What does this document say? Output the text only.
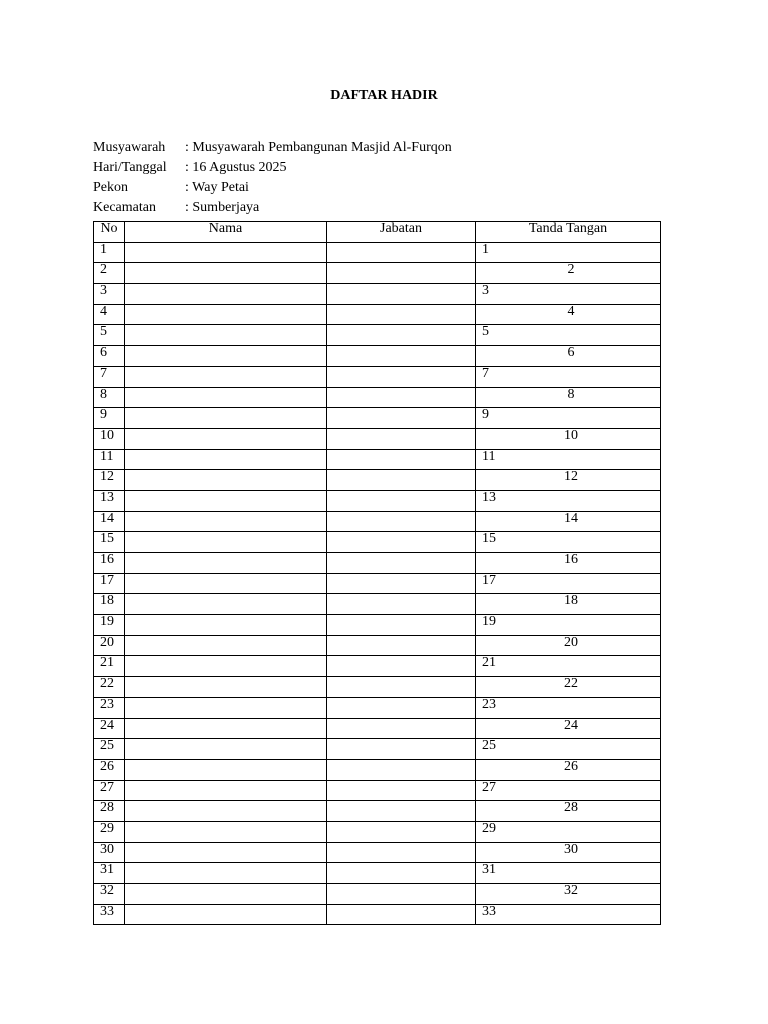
DAFTAR HADIR
Musyawarah	: Musyawarah Pembangunan Masjid Al-Furqon
Hari/Tanggal	: 16 Agustus 2025
Pekon	: Way Petai
Kecamatan	: Sumberjaya
No	Nama	Jabatan	Tanda Tangan
1			1
2			2
3			3
4			4
5			5
6			6
7			7
8			8
9			9
10			10
11			11
12			12
13			13
14			14
15			15
16			16
17			17
18			18
19			19
20			20
21			21
22			22
23			23
24			24
25			25
26			26
27			27
28			28
29			29
30			30
31			31
32			32
33			33
